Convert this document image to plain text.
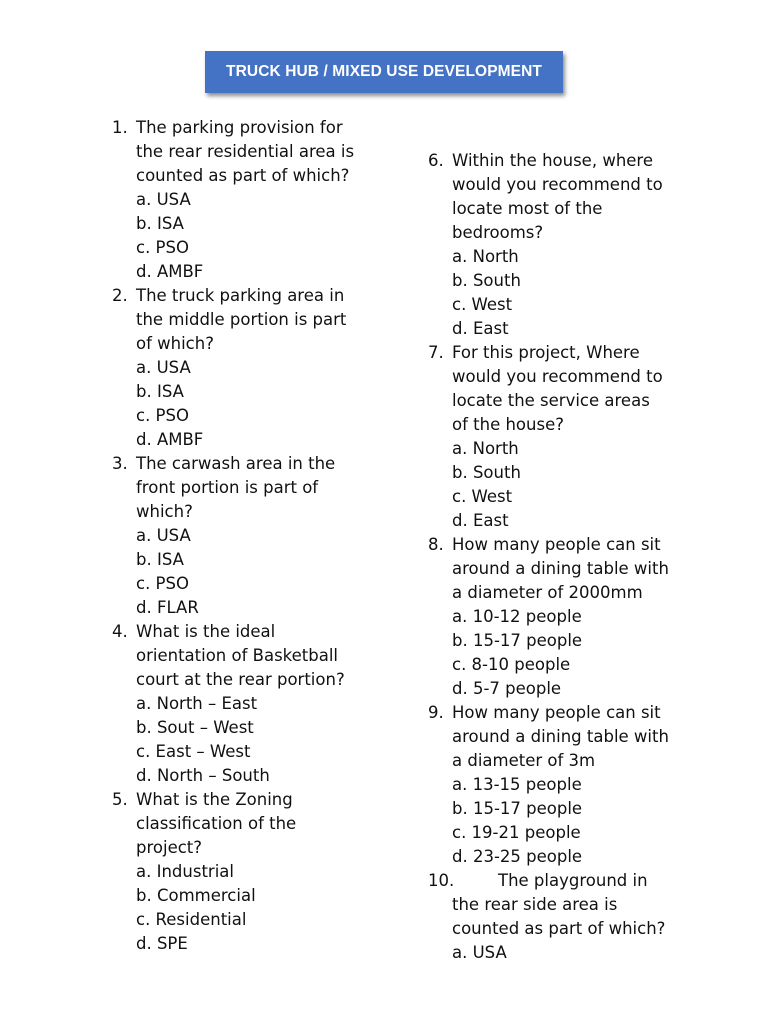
TRUCK HUB / MIXED USE DEVELOPMENT
1. The parking provision for
the rear residential area is
counted as part of which?
a. USA
b. ISA
c. PSO
d. AMBF
2. The truck parking area in
the middle portion is part
of which?
a. USA
b. ISA
c. PSO
d. AMBF
3. The carwash area in the
front portion is part of
which?
a. USA
b. ISA
c. PSO
d. FLAR
4. What is the ideal
orientation of Basketball
court at the rear portion?
a. North – East
b. Sout – West
c. East – West
d. North – South
5. What is the Zoning
classification of the
project?
a. Industrial
b. Commercial
c. Residential
d. SPE
6. Within the house, where
would you recommend to
locate most of the
bedrooms?
a. North
b. South
c. West
d. East
7. For this project, Where
would you recommend to
locate the service areas
of the house?
a. North
b. South
c. West
d. East
8. How many people can sit
around a dining table with
a diameter of 2000mm
a. 10-12 people
b. 15-17 people
c. 8-10 people
d. 5-7 people
9. How many people can sit
around a dining table with
a diameter of 3m
a. 13-15 people
b. 15-17 people
c. 19-21 people
d. 23-25 people
10.	The playground in
the rear side area is
counted as part of which?
a. USA
